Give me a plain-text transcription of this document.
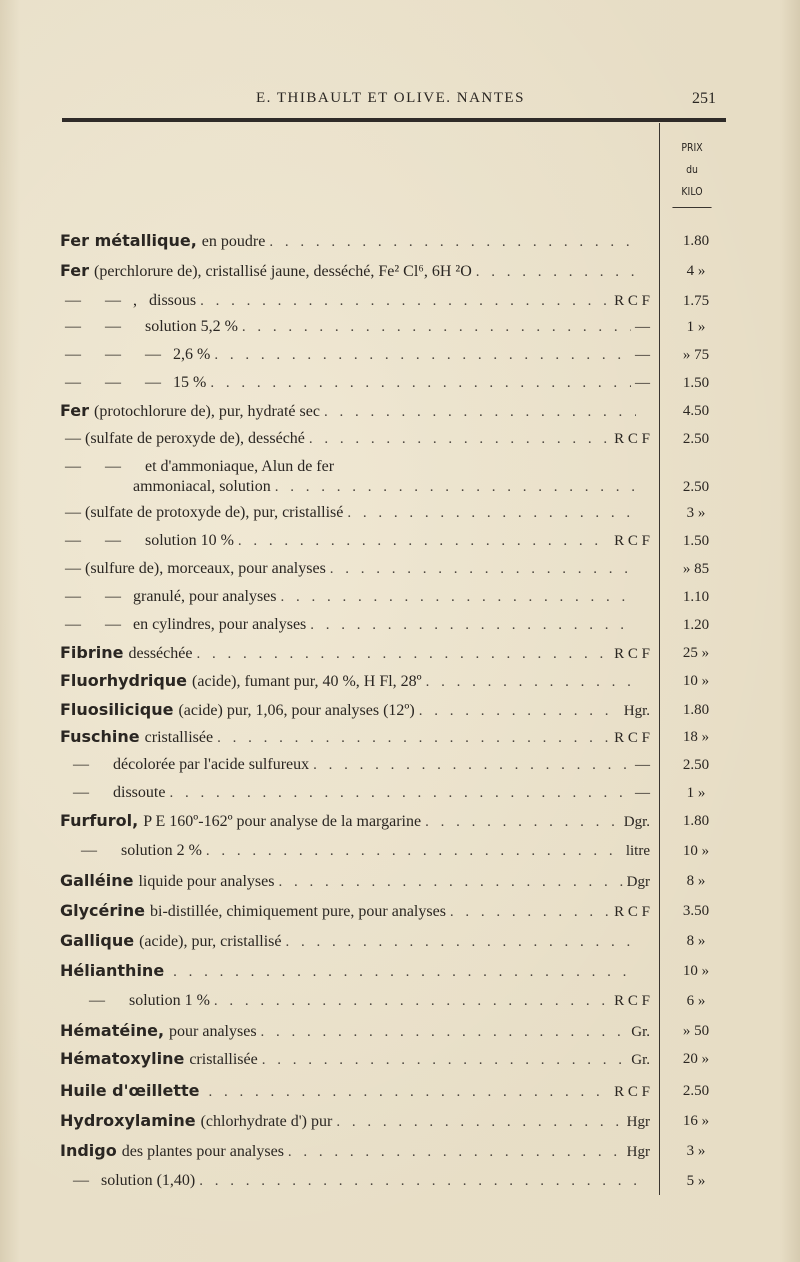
E. THIBAULT ET OLIVE. NANTES	251
PRIX
du
KILO
Fer métallique, en poudre . . .	1.80
Fer (perchlorure de), cristallisé jaune, desséché, Fe² Cl⁶, 6H ²O . . .	4 »
—      —   ,   dissous . . .	R C F	1.75
—      —      solution 5,2 % . . .	—	1 »
—      —      —   2,6 % . . .	—	» 75
—      —      —   15 % . . .	—	1.50
Fer (protochlorure de), pur, hydraté sec . . .	4.50
— (sulfate de peroxyde de), desséché . . .	R C F	2.50
—      —      et d'ammoniaque, Alun de fer
ammoniacal, solution . . .	2.50
— (sulfate de protoxyde de), pur, cristallisé . . .	3 »
—      —      solution 10 % . . .	R C F	1.50
— (sulfure de), morceaux, pour analyses . . .	» 85
—      —   granulé, pour analyses . . .	1.10
—      —   en cylindres, pour analyses . . .	1.20
Fibrine desséchée . . .	R C F	25 »
Fluorhydrique (acide), fumant pur, 40 %, H Fl, 28º . . .	10 »
Fluosilicique (acide) pur, 1,06, pour analyses (12º) . . .	Hgr.	1.80
Fuschine cristallisée . . .	R C F	18 »
—      décolorée par l'acide sulfureux . . .	—	2.50
—      dissoute . . .	—	1 »
Furfurol, P E 160º-162º pour analyse de la margarine . . .	Dgr.	1.80
—      solution 2 % . . .	litre	10 »
Galléine liquide pour analyses . . .	Dgr	8 »
Glycérine bi-distillée, chimiquement pure, pour analyses . . .	R C F	3.50
Gallique (acide), pur, cristallisé . . .	8 »
Hélianthine . . .	10 »
—      solution 1 % . . .	R C F	6 »
Hématéine, pour analyses . . .	Gr.	» 50
Hématoxyline cristallisée . . .	Gr.	20 »
Huile d'œillette . . .	R C F	2.50
Hydroxylamine (chlorhydrate d') pur . . .	Hgr	16 »
Indigo des plantes pour analyses . . .	Hgr	3 »
—   solution (1,40) . . .	5 »
